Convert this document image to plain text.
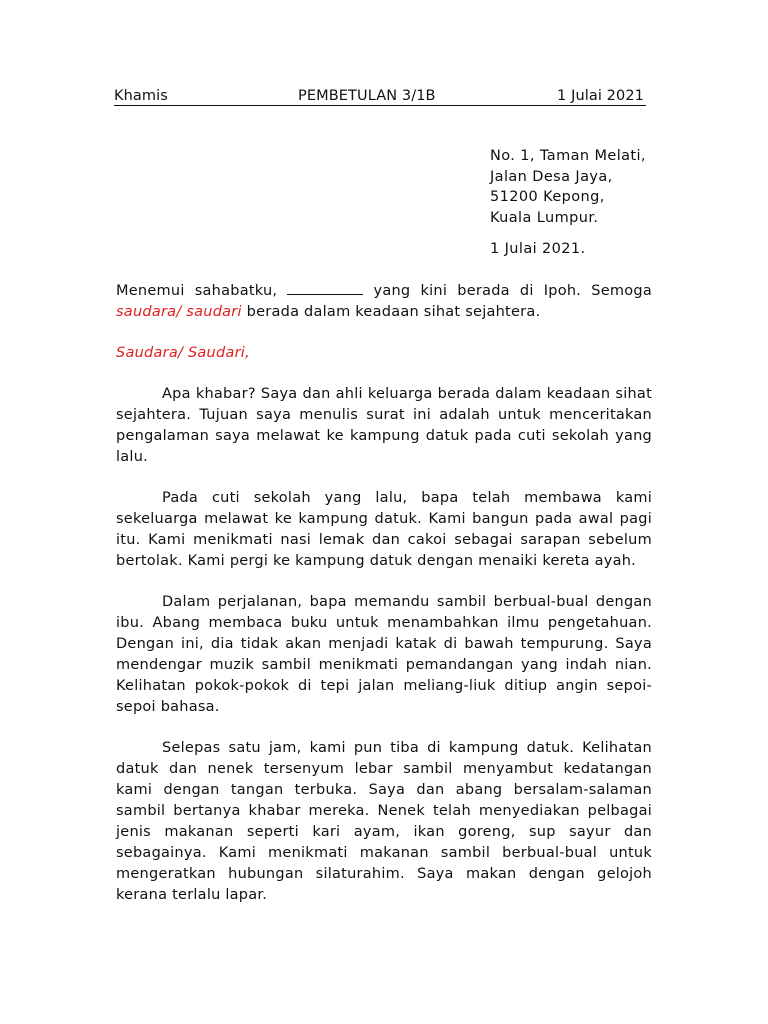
Khamis	PEMBETULAN 3/1B	1 Julai 2021
No. 1, Taman Melati,
Jalan Desa Jaya,
51200 Kepong,
Kuala Lumpur.
1 Julai 2021.

Menemui sahabatku,	yang kini berada di Ipoh. Semoga saudara/ saudari berada dalam keadaan sihat sejahtera.

Saudara/ Saudari,

Apa khabar? Saya dan ahli keluarga berada dalam keadaan sihat sejahtera. Tujuan saya menulis surat ini adalah untuk menceritakan pengalaman saya melawat ke kampung datuk pada cuti sekolah yang lalu.

Pada cuti sekolah yang lalu, bapa telah membawa kami sekeluarga melawat ke kampung datuk. Kami bangun pada awal pagi itu. Kami menikmati nasi lemak dan cakoi sebagai sarapan sebelum bertolak. Kami pergi ke kampung datuk dengan menaiki kereta ayah.

Dalam perjalanan, bapa memandu sambil berbual-bual dengan ibu. Abang membaca buku untuk menambahkan ilmu pengetahuan. Dengan ini, dia tidak akan menjadi katak di bawah tempurung. Saya mendengar muzik sambil menikmati pemandangan yang indah nian. Kelihatan pokok-pokok di tepi jalan meliang-liuk ditiup angin sepoi-sepoi bahasa.

Selepas satu jam, kami pun tiba di kampung datuk. Kelihatan datuk dan nenek tersenyum lebar sambil menyambut kedatangan kami dengan tangan terbuka. Saya dan abang bersalam-salaman sambil bertanya khabar mereka. Nenek telah menyediakan pelbagai jenis makanan seperti kari ayam, ikan goreng, sup sayur dan sebagainya. Kami menikmati makanan sambil berbual-bual untuk mengeratkan hubungan silaturahim. Saya makan dengan gelojoh kerana terlalu lapar.
